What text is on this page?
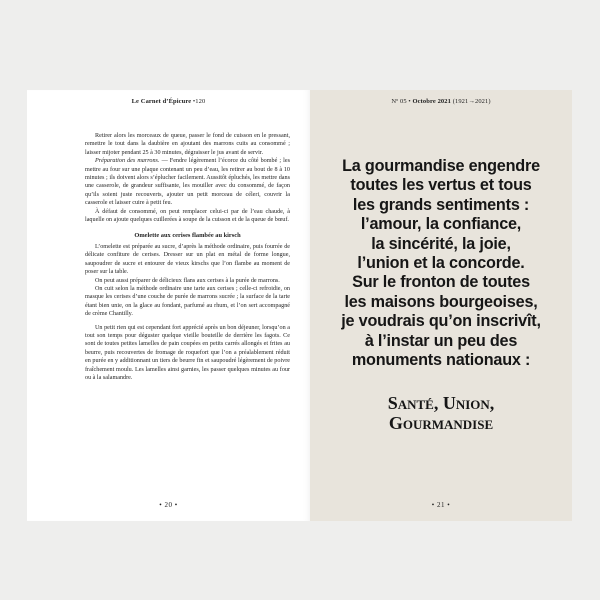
Le Carnet d’Épicure •120

Retirer alors les morceaux de queue, passer le fond de cuisson en le pressant, remettre le tout dans la daubière en ajoutant des marrons cuits au consommé ; laisser mijoter pendant 25 à 30 minutes, dégraisser le jus avant de servir.

Préparation des marrons. — Fendre légèrement l’écorce du côté bombé ; les mettre au four sur une plaque contenant un peu d’eau, les retirer au bout de 8 à 10 minutes ; ils doivent alors s’éplucher facilement. Aussitôt épluchés, les mettre dans une casserole, de grandeur suffisante, les mouiller avec du consommé, de façon qu’ils soient juste recouverts, ajouter un petit morceau de céleri, couvrir la casserole et laisser cuire à petit feu.

À défaut de consommé, on peut remplacer celui-ci par de l’eau chaude, à laquelle on ajoute quelques cuillerées à soupe de la cuisson et de la queue de bœuf.

Omelette aux cerises flambée au kirsch

L’omelette est préparée au sucre, d’après la méthode ordinaire, puis fourrée de délicate confiture de cerises. Dresser sur un plat en métal de forme longue, saupoudrer de sucre et entourer de vieux kirschs que l’on flambe au moment de poser sur la table.

On peut aussi préparer de délicieux flans aux cerises à la purée de marrons.

On cuit selon la méthode ordinaire une tarte aux cerises ; celle-ci refroidie, on masque les cerises d’une couche de purée de marrons sucrée ; la surface de la tarte étant bien unie, on la glace au fondant, parfumé au rhum, et l’on sert accompagné de crème Chantilly.

Un petit rien qui est cependant fort apprécié après un bon déjeuner, lorsqu’on a tout son temps pour déguster quelque vieille bouteille de derrière les fagots. Ce sont de toutes petites lamelles de pain coupées en petits carrés allongés et frites au beurre, puis recouvertes de fromage de roquefort que l’on a préalablement réduit en purée en y additionnant un tiers de beurre fin et saupoudré légèrement de poivre fraîchement moulu. Les lamelles ainsi garnies, les passer quelques minutes au four ou à la salamandre.

• 20 •
Nº 05 • Octobre 2021 (1921→2021)
La gourmandise engendre
toutes les vertus et tous
les grands sentiments :
l’amour, la confiance,
la sincérité, la joie,
l’union et la concorde.
Sur le fronton de toutes
les maisons bourgeoises,
je voudrais qu’on inscrivît,
à l’instar un peu des
monuments nationaux :
Santé, Union,
Gourmandise
• 21 •
